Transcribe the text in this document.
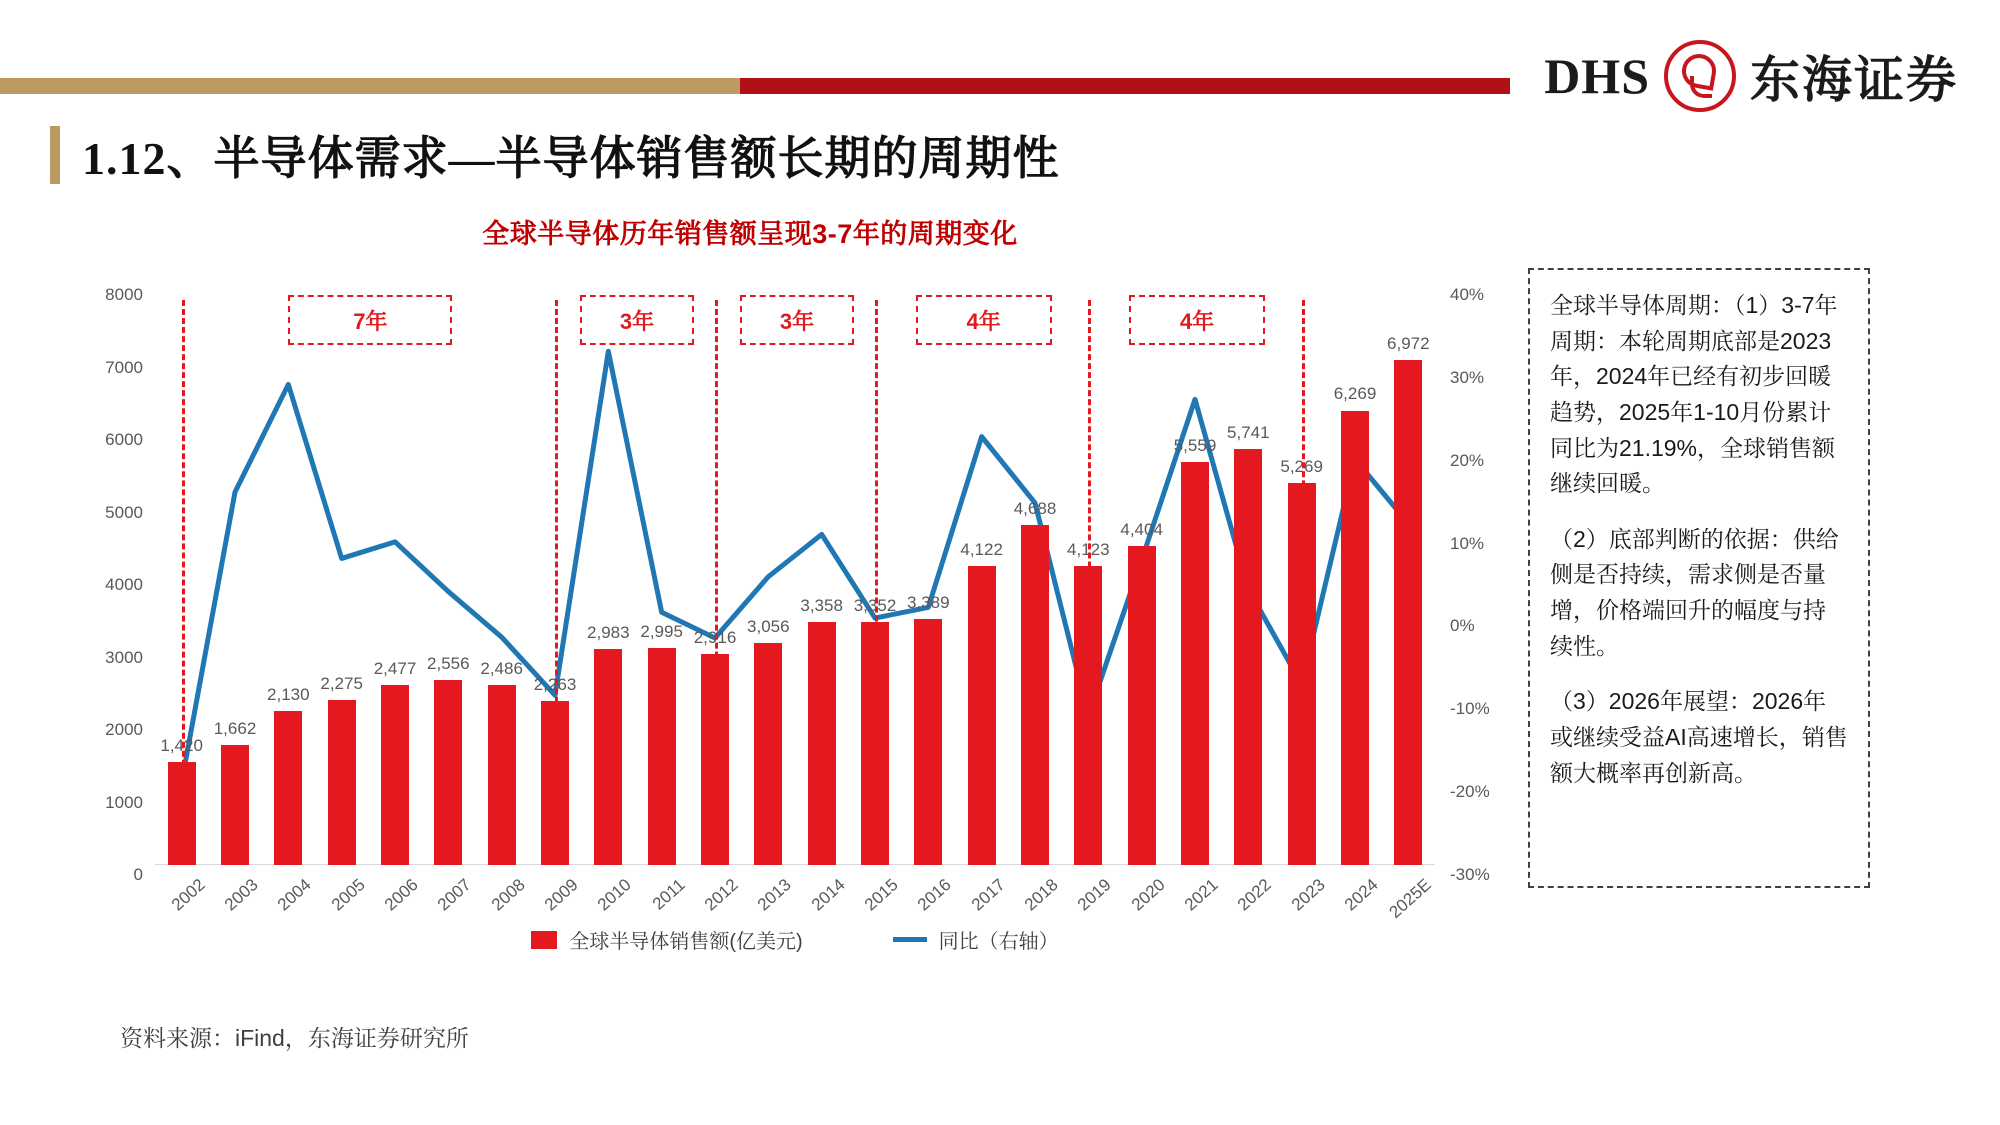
DHS 东海证券
1.12、半导体需求—半导体销售额长期的周期性
全球半导体历年销售额呈现3-7年的周期变化
0
1000
2000
3000
4000
5000
6000
7000
8000
-30%
-20%
-10%
0%
10%
20%
30%
40%
1,420
1,662
2,130
2,275
2,477 2,556 2,486
2,263
2,983 2,995 2,916
3,056
3,358 3,352 3,389
4,122
4,688
4,123
4,404
5,559
5,741
5,269
6,269
6,972
2002 2003 2004 2005 2006 2007 2008 2009 2010 2011 2012 2013 2014 2015 2016 2017 2018 2019 2020 2021 2022 2023 2024 2025E
7年	3年	3年	4年	4年
全球半导体销售额(亿美元)	同比（右轴）
资料来源：iFind，东海证券研究所

全球半导体周期：（1）3-7年周期：本轮周期底部是2023年，2024年已经有初步回暖趋势，2025年1-10月份累计同比为21.19%，全球销售额继续回暖。

（2）底部判断的依据：供给侧是否持续，需求侧是否量增，价格端回升的幅度与持续性。

（3）2026年展望：2026年或继续受益AI高速增长，销售额大概率再创新高。
